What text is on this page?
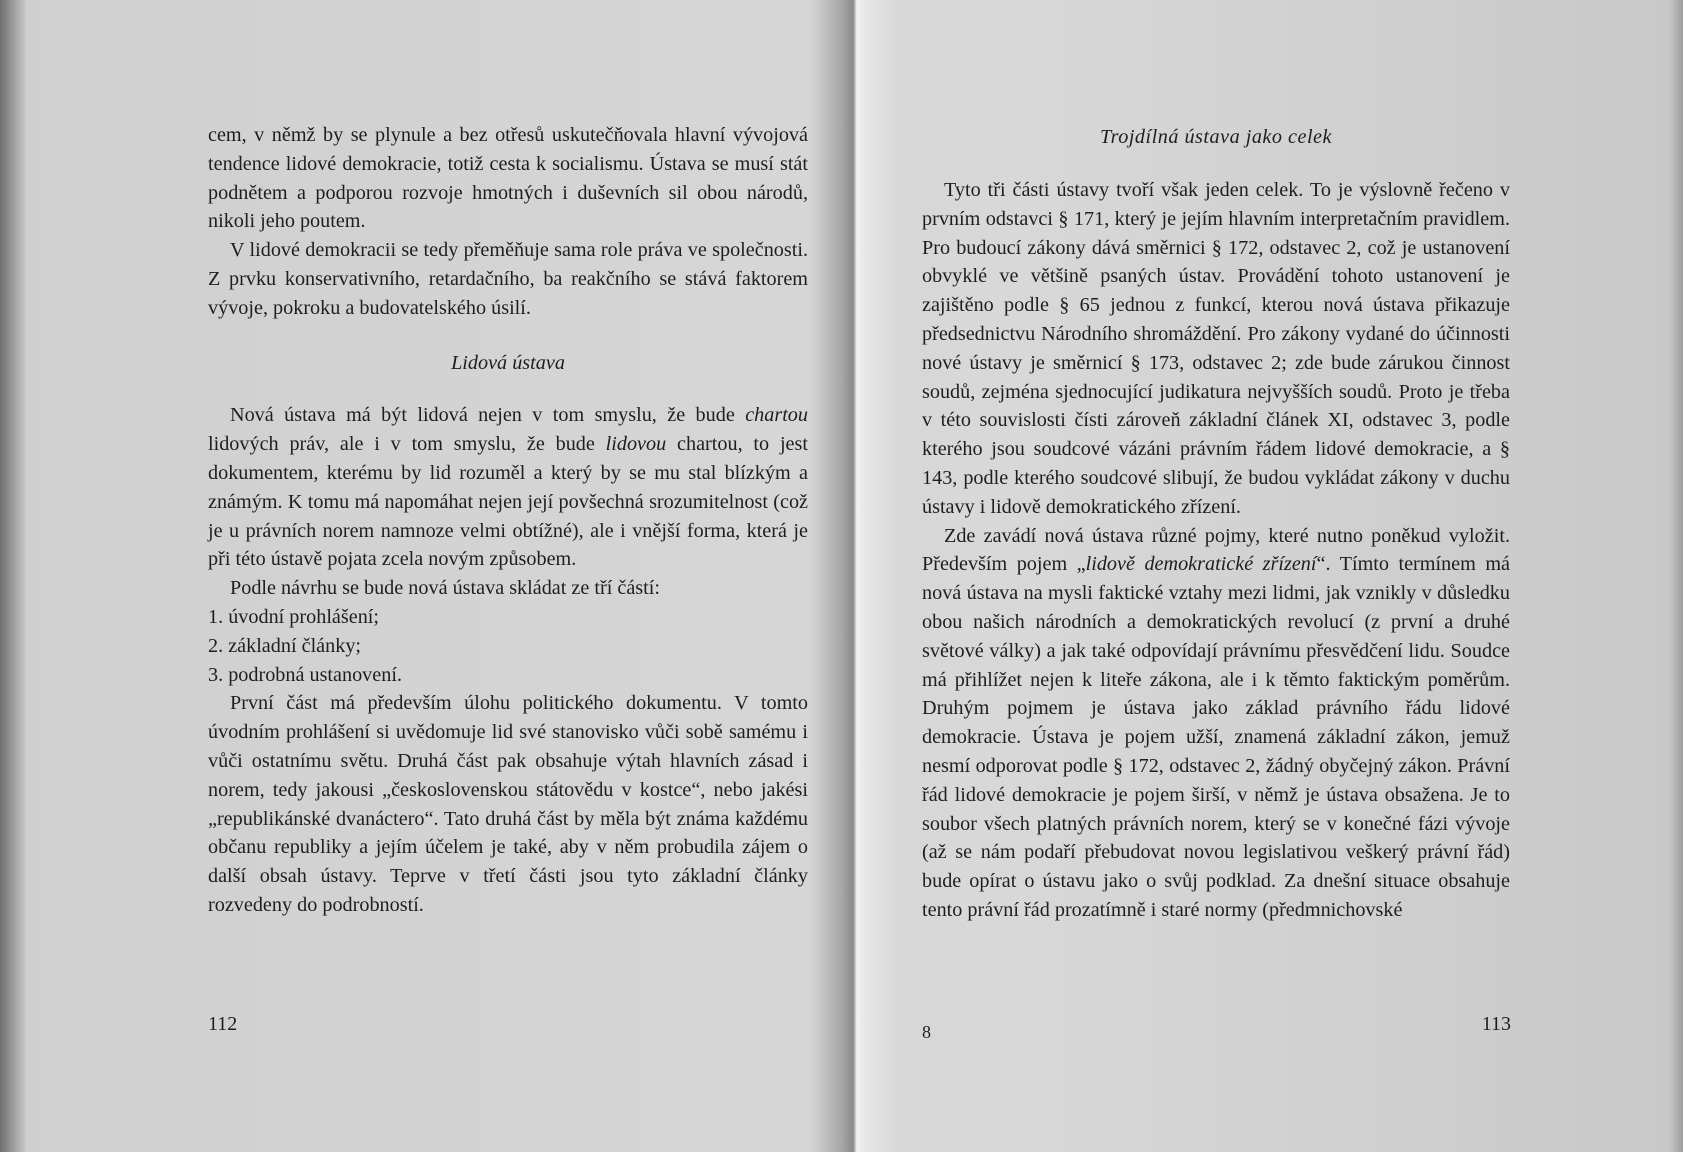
cem, v němž by se plynule a bez otřesů uskutečňovala hlavní vývojová tendence lidové demokracie, totiž cesta k socialismu. Ústava se musí stát podnětem a podporou rozvoje hmotných i duševních sil obou národů, nikoli jeho poutem.

V lidové demokracii se tedy přeměňuje sama role práva ve společnosti. Z prvku konservativního, retardačního, ba reakčního se stává faktorem vývoje, pokroku a budovatelského úsilí.

Lidová ústava

Nová ústava má být lidová nejen v tom smyslu, že bude chartou lidových práv, ale i v tom smyslu, že bude lidovou chartou, to jest dokumentem, kterému by lid rozuměl a který by se mu stal blízkým a známým. K tomu má napomáhat nejen její povšechná srozumitelnost (což je u právních norem namnoze velmi obtížné), ale i vnější forma, která je při této ústavě pojata zcela novým způsobem.

Podle návrhu se bude nová ústava skládat ze tří částí:

1. úvodní prohlášení;

2. základní články;

3. podrobná ustanovení.

První část má především úlohu politického dokumentu. V tomto úvodním prohlášení si uvědomuje lid své stanovisko vůči sobě samému i vůči ostatnímu světu. Druhá část pak obsahuje výtah hlavních zásad i norem, tedy jakousi „československou státovědu v kostce“, nebo jakési „republikánské dvanáctero“. Tato druhá část by měla být známa každému občanu republiky a jejím účelem je také, aby v něm probudila zájem o další obsah ústavy. Teprve v třetí části jsou tyto základní články rozvedeny do podrobností.

112
Trojdílná ústava jako celek

Tyto tři části ústavy tvoří však jeden celek. To je výslovně řečeno v prvním odstavci § 171, který je jejím hlavním interpretačním pravidlem. Pro budoucí zákony dává směrnici § 172, odstavec 2, což je ustanovení obvyklé ve většině psaných ústav. Provádění tohoto ustanovení je zajištěno podle § 65 jednou z funkcí, kterou nová ústava přikazuje předsednictvu Národního shromáždění. Pro zákony vydané do účinnosti nové ústavy je směrnicí § 173, odstavec 2; zde bude zárukou činnost soudů, zejména sjednocující judikatura nejvyšších soudů. Proto je třeba v této souvislosti čísti zároveň základní článek XI, odstavec 3, podle kterého jsou soudcové vázáni právním řádem lidové demokracie, a § 143, podle kterého soudcové slibují, že budou vykládat zákony v duchu ústavy i lidově demokratického zřízení.

Zde zavádí nová ústava různé pojmy, které nutno poněkud vyložit. Především pojem „lidově demokratické zřízení“. Tímto termínem má nová ústava na mysli faktické vztahy mezi lidmi, jak vznikly v důsledku obou našich národních a demokratických revolucí (z první a druhé světové války) a jak také odpovídají právnímu přesvědčení lidu. Soudce má přihlížet nejen k liteře zákona, ale i k těmto faktickým poměrům. Druhým pojmem je ústava jako základ právního řádu lidové demokracie. Ústava je pojem užší, znamená základní zákon, jemuž nesmí odporovat podle § 172, odstavec 2, žádný obyčejný zákon. Právní řád lidové demokracie je pojem širší, v němž je ústava obsažena. Je to soubor všech platných právních norem, který se v konečné fázi vývoje (až se nám podaří přebudovat novou legislativou veškerý právní řád) bude opírat o ústavu jako o svůj podklad. Za dnešní situace obsahuje tento právní řád prozatímně i staré normy (předmnichovské

8	113
